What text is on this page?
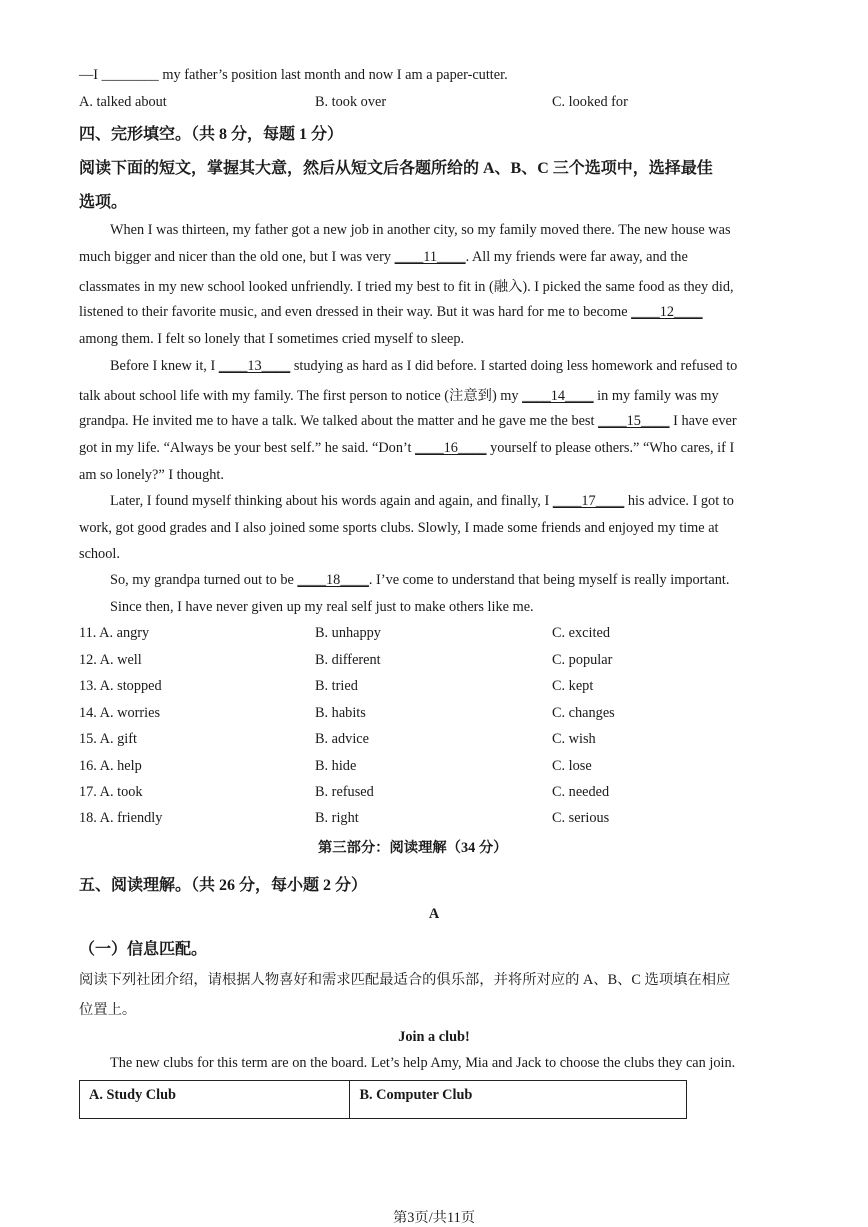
—I ________ my father’s position last month and now I am a paper-cutter.
A. talked about	B. took over	C. looked for
四、完形填空。（共 8 分，每题 1 分）
阅读下面的短文，掌握其大意，然后从短文后各题所给的 A、B、C 三个选项中，选择最佳
选项。
When I was thirteen, my father got a new job in another city, so my family moved there. The new house was
much bigger and nicer than the old one, but I was very ____11____. All my friends were far away, and the
classmates in my new school looked unfriendly. I tried my best to fit in (融入). I picked the same food as they did,
listened to their favorite music, and even dressed in their way. But it was hard for me to become ____12____
among them. I felt so lonely that I sometimes cried myself to sleep.
Before I knew it, I ____13____ studying as hard as I did before. I started doing less homework and refused to
talk about school life with my family. The first person to notice (注意到) my ____14____ in my family was my
grandpa. He invited me to have a talk. We talked about the matter and he gave me the best ____15____ I have ever
got in my life. “Always be your best self.” he said. “Don’t ____16____ yourself to please others.” “Who cares, if I
am so lonely?” I thought.
Later, I found myself thinking about his words again and again, and finally, I ____17____ his advice. I got to
work, got good grades and I also joined some sports clubs. Slowly, I made some friends and enjoyed my time at
school.
So, my grandpa turned out to be ____18____. I’ve come to understand that being myself is really important.
Since then, I have never given up my real self just to make others like me.
11. A. angry	B. unhappy	C. excited
12. A. well	B. different	C. popular
13. A. stopped	B. tried	C. kept
14. A. worries	B. habits	C. changes
15. A. gift	B. advice	C. wish
16. A. help	B. hide	C. lose
17. A. took	B. refused	C. needed
18. A. friendly	B. right	C. serious
第三部分：阅读理解（34 分）
五、阅读理解。（共 26 分，每小题 2 分）
A
（一）信息匹配。
阅读下列社团介绍，请根据人物喜好和需求匹配最适合的俱乐部，并将所对应的 A、B、C 选项填在相应
位置上。
Join a club!
The new clubs for this term are on the board. Let’s help Amy, Mia and Jack to choose the clubs they can join.
A. Study Club	B. Computer Club
第3页/共11页
